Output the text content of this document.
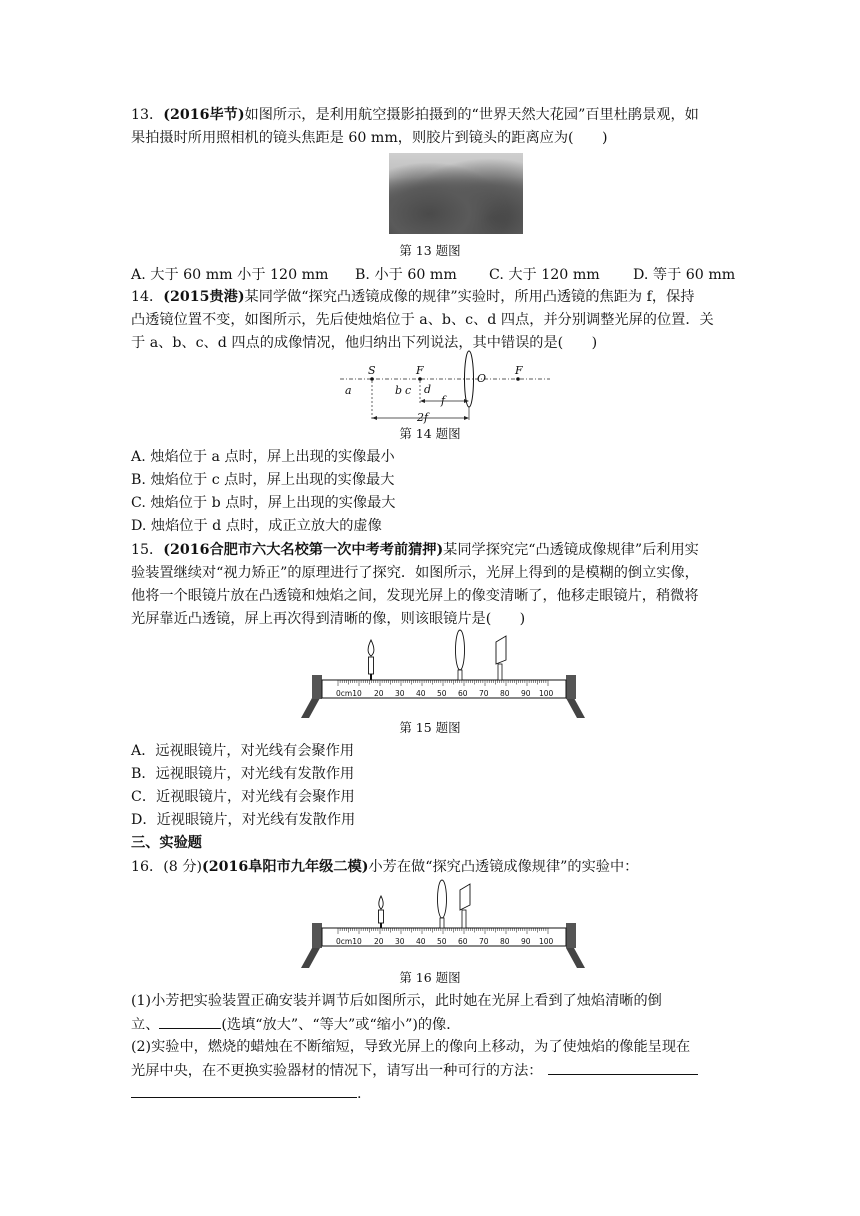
13．(2016毕节)如图所示，是利用航空摄影拍摄到的“世界天然大花园”百里杜鹃景观，如
果拍摄时所用照相机的镜头焦距是 60 mm，则胶片到镜头的距离应为(　　)
第 13 题图
A. 大于 60 mm 小于 120 mm B. 小于 60 mm C. 大于 120 mm D. 等于 60 mm
14．(2015贵港)某同学做“探究凸透镜成像的规律”实验时，所用凸透镜的焦距为 f，保持
凸透镜位置不变，如图所示，先后使烛焰位于 a、b、c、d 四点，并分别调整光屏的位置．关
于 a、b、c、d 四点的成像情况，他归纳出下列说法，其中错误的是(　　)
a
S
b
F
c d
O
F
f
2f
第 14 题图
A. 烛焰位于 a 点时，屏上出现的实像最小
B. 烛焰位于 c 点时，屏上出现的实像最大
C. 烛焰位于 b 点时，屏上出现的实像最大
D. 烛焰位于 d 点时，成正立放大的虚像
15．(2016合肥市六大名校第一次中考考前猜押)某同学探究完“凸透镜成像规律”后利用实
验装置继续对“视力矫正”的原理进行了探究．如图所示，光屏上得到的是模糊的倒立实像，
他将一个眼镜片放在凸透镜和烛焰之间，发现光屏上的像变清晰了，他移走眼镜片，稍微将
光屏靠近凸透镜，屏上再次得到清晰的像，则该眼镜片是(　　)
0cm10 20 30 40 50 60 70 80 90 100
第 15 题图
A．远视眼镜片，对光线有会聚作用
B．远视眼镜片，对光线有发散作用
C．近视眼镜片，对光线有会聚作用
D．近视眼镜片，对光线有发散作用
三、实验题
16．(8 分)(2016阜阳市九年级二模)小芳在做“探究凸透镜成像规律”的实验中：
0cm10 20 30 40 50 60 70 80 90 100
第 16 题图
(1)小芳把实验装置正确安装并调节后如图所示，此时她在光屏上看到了烛焰清晰的倒
立、	(选填“放大”、“等大”或“缩小”)的像．
(2)实验中，燃烧的蜡烛在不断缩短，导致光屏上的像向上移动，为了使烛焰的像能呈现在
光屏中央，在不更换实验器材的情况下，请写出一种可行的方法：
.
